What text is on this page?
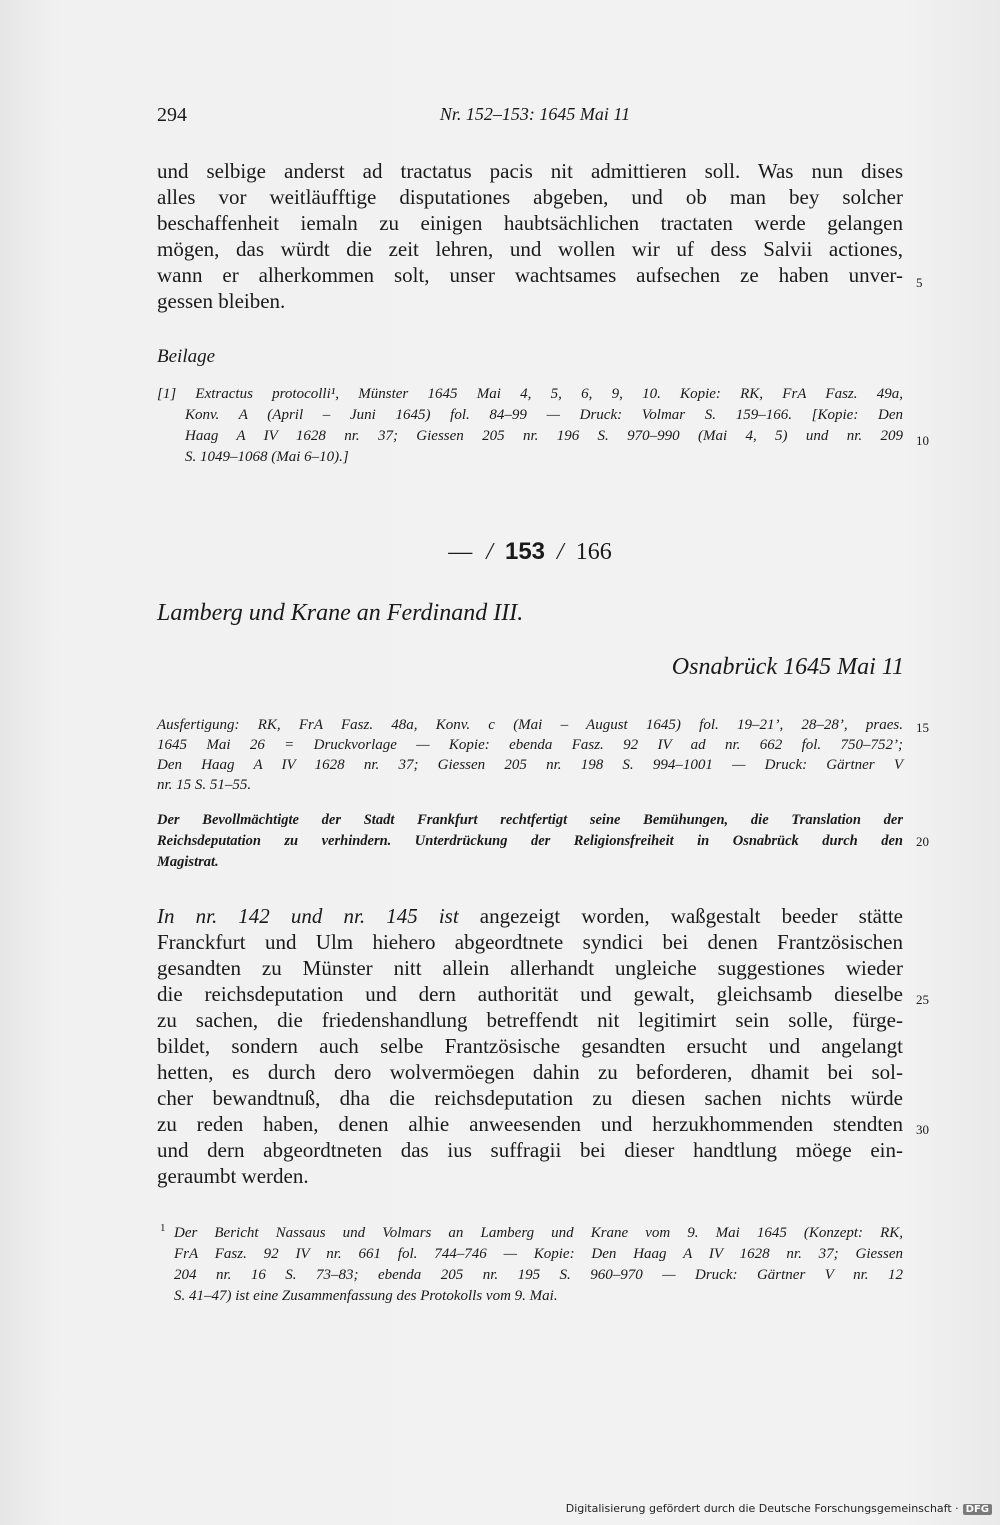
294	Nr. 152–153: 1645 Mai 11
und selbige anderst ad tractatus pacis nit admittieren soll. Was nun dises
alles vor weitläufftige disputationes abgeben, und ob man bey solcher
beschaffenheit iemaln zu einigen haubtsächlichen tractaten werde gelangen
mögen, das würdt die zeit lehren, und wollen wir uf dess Salvii actiones,
wann er alherkommen solt, unser wachtsames aufsechen ze haben unver-
gessen bleiben.
5
Beilage
[1] Extractus protocolli¹, Münster 1645 Mai 4, 5, 6, 9, 10. Kopie: RK, FrA Fasz. 49a,
Konv. A (April – Juni 1645) fol. 84–99 — Druck: Volmar S. 159–166. [Kopie: Den
Haag A IV 1628 nr. 37; Giessen 205 nr. 196 S. 970–990 (Mai 4, 5) und nr. 209
S. 1049–1068 (Mai 6–10).]
10
— / 153 / 166
Lamberg und Krane an Ferdinand III.
Osnabrück 1645 Mai 11
Ausfertigung: RK, FrA Fasz. 48a, Konv. c (Mai – August 1645) fol. 19–21’, 28–28’, praes.
1645 Mai 26 = Druckvorlage — Kopie: ebenda Fasz. 92 IV ad nr. 662 fol. 750–752’;
Den Haag A IV 1628 nr. 37; Giessen 205 nr. 198 S. 994–1001 — Druck: Gärtner V
nr. 15 S. 51–55.
15
Der Bevollmächtigte der Stadt Frankfurt rechtfertigt seine Bemühungen, die Translation der
Reichsdeputation zu verhindern. Unterdrückung der Religionsfreiheit in Osnabrück durch den
Magistrat.
20
In nr. 142 und nr. 145 ist angezeigt worden, waßgestalt beeder stätte
Franckfurt und Ulm hiehero abgeordtnete syndici bei denen Frantzösischen
gesandten zu Münster nitt allein allerhandt ungleiche suggestiones wieder
die reichsdeputation und dern authorität und gewalt, gleichsamb dieselbe
zu sachen, die friedenshandlung betreffendt nit legitimirt sein solle, fürge-
bildet, sondern auch selbe Frantzösische gesandten ersucht und angelangt
hetten, es durch dero wolvermöegen dahin zu beforderen, dhamit bei sol-
cher bewandtnuß, dha die reichsdeputation zu diesen sachen nichts würde
zu reden haben, denen alhie anweesenden und herzukhommenden stendten
und dern abgeordtneten das ius suffragii bei dieser handtlung möege ein-
geraumbt werden.
25
30
1 Der Bericht Nassaus und Volmars an Lamberg und Krane vom 9. Mai 1645 (Konzept: RK,
FrA Fasz. 92 IV nr. 661 fol. 744–746 — Kopie: Den Haag A IV 1628 nr. 37; Giessen
204 nr. 16 S. 73–83; ebenda 205 nr. 195 S. 960–970 — Druck: Gärtner V nr. 12
S. 41–47) ist eine Zusammenfassung des Protokolls vom 9. Mai.
Digitalisierung gefördert durch die Deutsche Forschungsgemeinschaft · DFG
